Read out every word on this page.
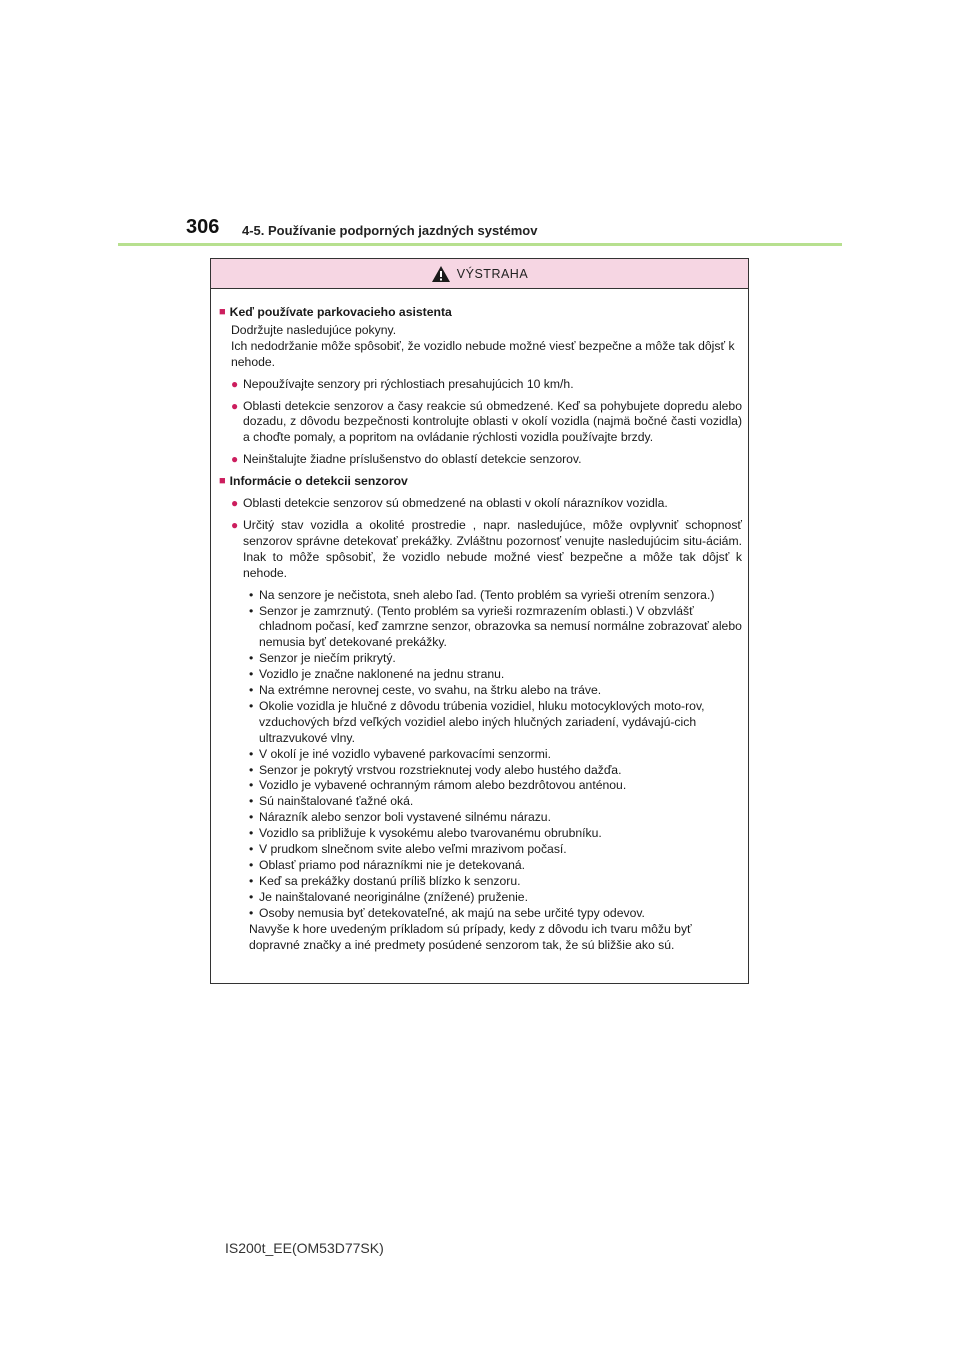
306 4-5. Používanie podporných jazdných systémov
VÝSTRAHA
■ Keď používate parkovacieho asistenta
Dodržujte nasledujúce pokyny.
Ich nedodržanie môže spôsobiť, že vozidlo nebude možné viesť bezpečne a môže tak dôjsť k nehode.
● Nepoužívajte senzory pri rýchlostiach presahujúcich 10 km/h.
● Oblasti detekcie senzorov a časy reakcie sú obmedzené. Keď sa pohybujete dopredu alebo dozadu, z dôvodu bezpečnosti kontrolujte oblasti v okolí vozidla (najmä bočné časti vozidla) a choďte pomaly, a popritom na ovládanie rýchlosti vozidla používajte brzdy.
● Neinštalujte žiadne príslušenstvo do oblastí detekcie senzorov.
■ Informácie o detekcii senzorov
● Oblasti detekcie senzorov sú obmedzené na oblasti v okolí nárazníkov vozidla.
● Určitý stav vozidla a okolité prostredie , napr. nasledujúce, môže ovplyvniť schopnosť senzorov správne detekovať prekážky. Zvláštnu pozornosť venujte nasledujúcim situ-áciám. Inak to môže spôsobiť, že vozidlo nebude možné viesť bezpečne a môže tak dôjsť k nehode.
• Na senzore je nečistota, sneh alebo ľad. (Tento problém sa vyrieši otrením senzora.)
• Senzor je zamrznutý. (Tento problém sa vyrieši rozmrazením oblasti.) V obzvlášť chladnom počasí, keď zamrzne senzor, obrazovka sa nemusí normálne zobrazovať alebo nemusia byť detekované prekážky.
• Senzor je niečím prikrytý.
• Vozidlo je značne naklonené na jednu stranu.
• Na extrémne nerovnej ceste, vo svahu, na štrku alebo na tráve.
• Okolie vozidla je hlučné z dôvodu trúbenia vozidiel, hluku motocyklových moto-rov, vzduchových bŕzd veľkých vozidiel alebo iných hlučných zariadení, vydávajú-cich ultrazvukové vlny.
• V okolí je iné vozidlo vybavené parkovacími senzormi.
• Senzor je pokrytý vrstvou rozstrieknutej vody alebo hustého dažďa.
• Vozidlo je vybavené ochranným rámom alebo bezdrôtovou anténou.
• Sú nainštalované ťažné oká.
• Nárazník alebo senzor boli vystavené silnému nárazu.
• Vozidlo sa približuje k vysokému alebo tvarovanému obrubníku.
• V prudkom slnečnom svite alebo veľmi mrazivom počasí.
• Oblasť priamo pod nárazníkmi nie je detekovaná.
• Keď sa prekážky dostanú príliš blízko k senzoru.
• Je nainštalované neoriginálne (znížené) pruženie.
• Osoby nemusia byť detekovateľné, ak majú na sebe určité typy odevov.

Navyše k hore uvedeným príkladom sú prípady, kedy z dôvodu ich tvaru môžu byť dopravné značky a iné predmety posúdené senzorom tak, že sú bližšie ako sú.

IS200t_EE(OM53D77SK)
